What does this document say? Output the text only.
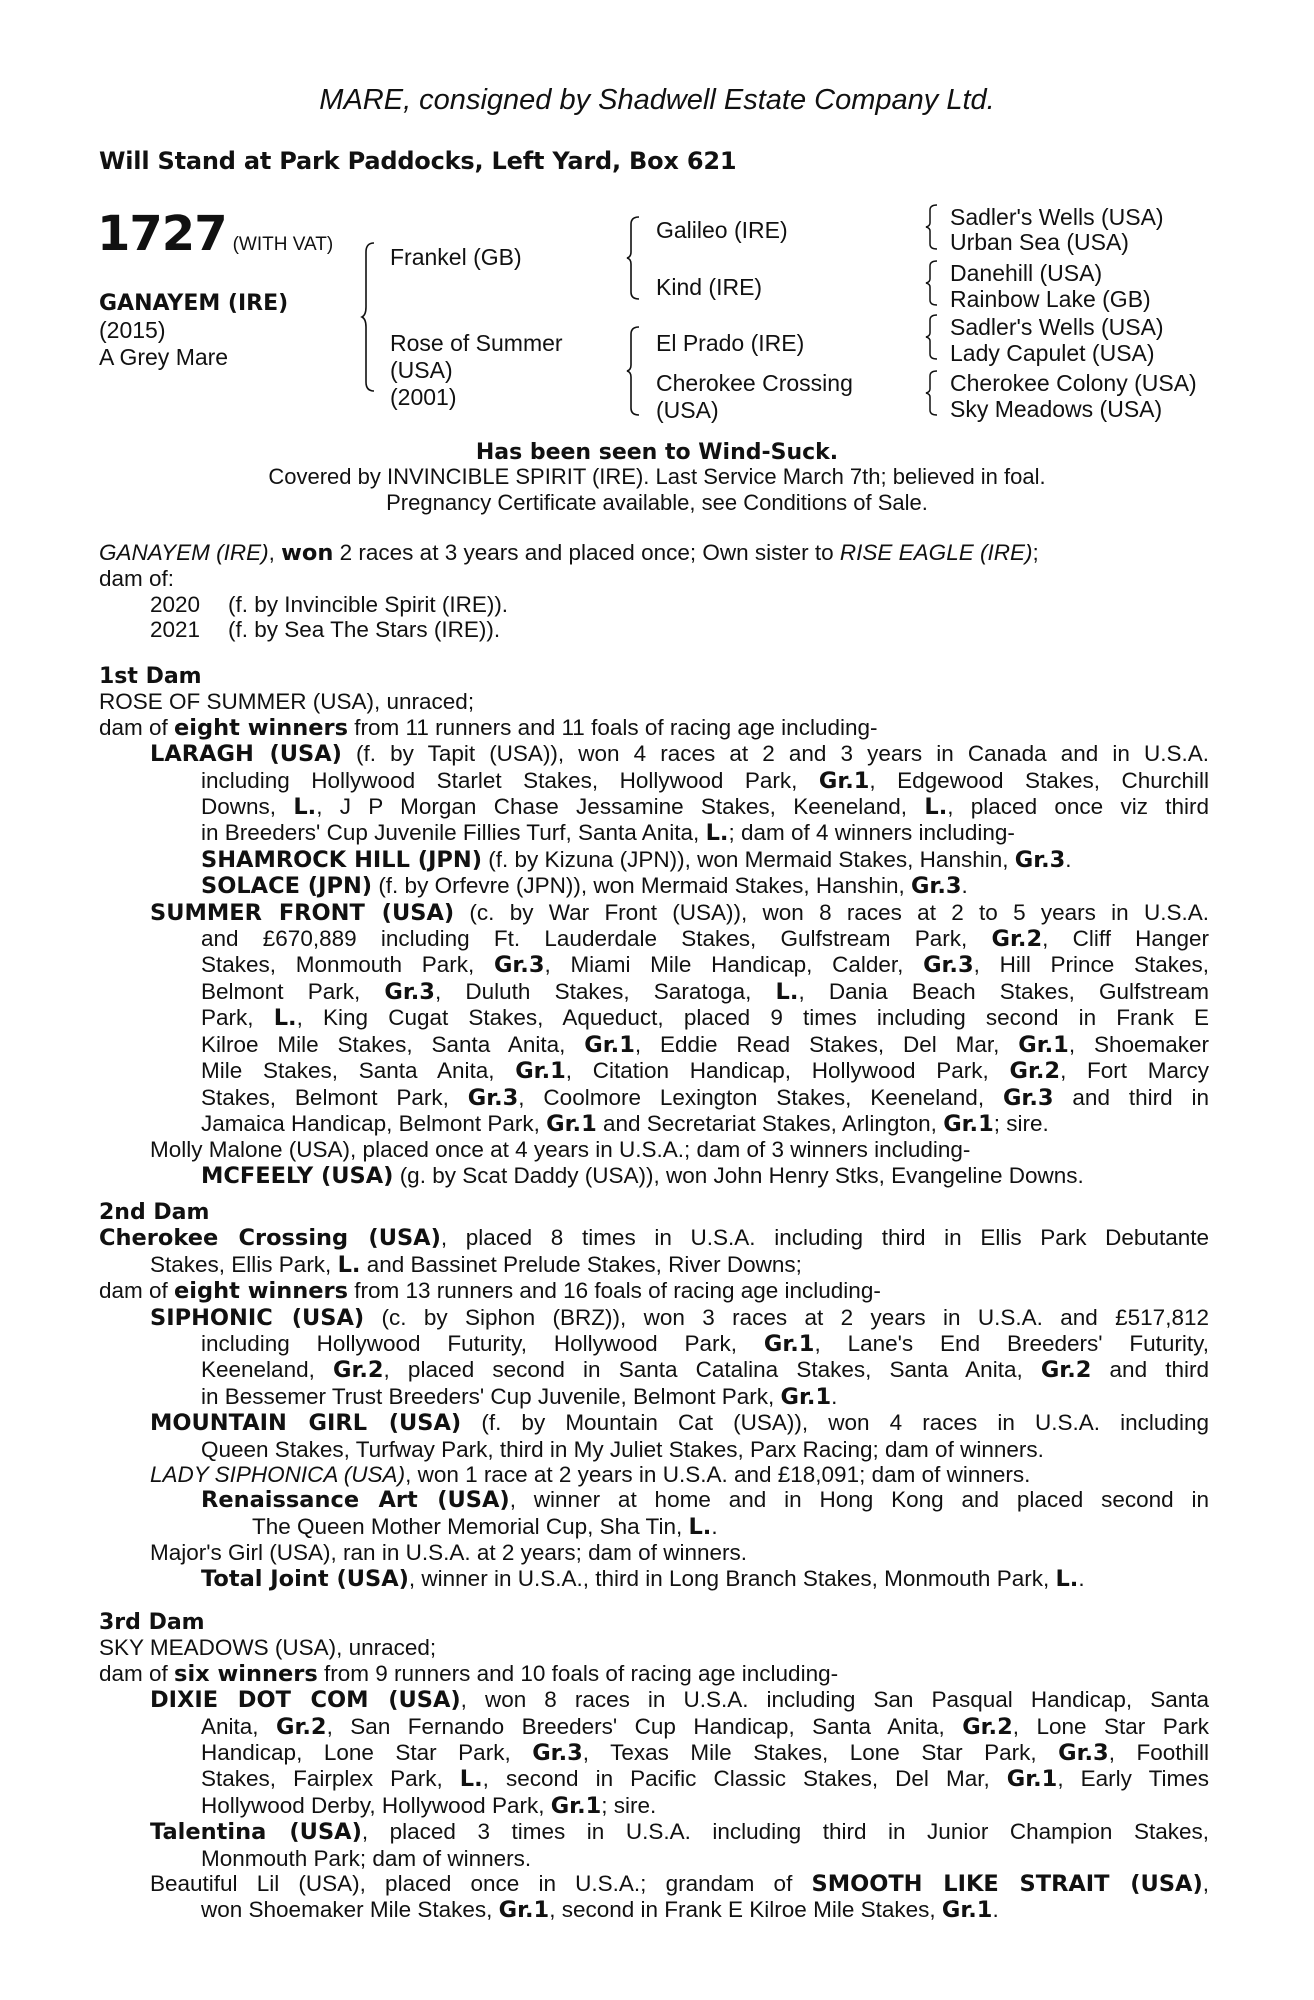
MARE, consigned by Shadwell Estate Company Ltd.
Will Stand at Park Paddocks, Left Yard, Box 621
1727 (WITH VAT)
GANAYEM (IRE)
(2015)
A Grey Mare
Frankel (GB)
Rose of Summer
(USA)
(2001)
Galileo (IRE)
Kind (IRE)
El Prado (IRE)
Cherokee Crossing
(USA)
Sadler's Wells (USA)
Urban Sea (USA)
Danehill (USA)
Rainbow Lake (GB)
Sadler's Wells (USA)
Lady Capulet (USA)
Cherokee Colony (USA)
Sky Meadows (USA)
Has been seen to Wind-Suck.
Covered by INVINCIBLE SPIRIT (IRE). Last Service March 7th; believed in foal.
Pregnancy Certificate available, see Conditions of Sale.
GANAYEM (IRE), won 2 races at 3 years and placed once; Own sister to RISE EAGLE (IRE);
dam of:
2020 (f. by Invincible Spirit (IRE)).
2021 (f. by Sea The Stars (IRE)).
1st Dam
ROSE OF SUMMER (USA), unraced;
dam of eight winners from 11 runners and 11 foals of racing age including-
LARAGH (USA) (f. by Tapit (USA)), won 4 races at 2 and 3 years in Canada and in U.S.A.
including Hollywood Starlet Stakes, Hollywood Park, Gr.1, Edgewood Stakes, Churchill
Downs, L., J P Morgan Chase Jessamine Stakes, Keeneland, L., placed once viz third
in Breeders' Cup Juvenile Fillies Turf, Santa Anita, L.; dam of 4 winners including-
SHAMROCK HILL (JPN) (f. by Kizuna (JPN)), won Mermaid Stakes, Hanshin, Gr.3.
SOLACE (JPN) (f. by Orfevre (JPN)), won Mermaid Stakes, Hanshin, Gr.3.
SUMMER FRONT (USA) (c. by War Front (USA)), won 8 races at 2 to 5 years in U.S.A.
and £670,889 including Ft. Lauderdale Stakes, Gulfstream Park, Gr.2, Cliff Hanger
Stakes, Monmouth Park, Gr.3, Miami Mile Handicap, Calder, Gr.3, Hill Prince Stakes,
Belmont Park, Gr.3, Duluth Stakes, Saratoga, L., Dania Beach Stakes, Gulfstream
Park, L., King Cugat Stakes, Aqueduct, placed 9 times including second in Frank E
Kilroe Mile Stakes, Santa Anita, Gr.1, Eddie Read Stakes, Del Mar, Gr.1, Shoemaker
Mile Stakes, Santa Anita, Gr.1, Citation Handicap, Hollywood Park, Gr.2, Fort Marcy
Stakes, Belmont Park, Gr.3, Coolmore Lexington Stakes, Keeneland, Gr.3 and third in
Jamaica Handicap, Belmont Park, Gr.1 and Secretariat Stakes, Arlington, Gr.1; sire.
Molly Malone (USA), placed once at 4 years in U.S.A.; dam of 3 winners including-
MCFEELY (USA) (g. by Scat Daddy (USA)), won John Henry Stks, Evangeline Downs.
2nd Dam
Cherokee Crossing (USA), placed 8 times in U.S.A. including third in Ellis Park Debutante
Stakes, Ellis Park, L. and Bassinet Prelude Stakes, River Downs;
dam of eight winners from 13 runners and 16 foals of racing age including-
SIPHONIC (USA) (c. by Siphon (BRZ)), won 3 races at 2 years in U.S.A. and £517,812
including Hollywood Futurity, Hollywood Park, Gr.1, Lane's End Breeders' Futurity,
Keeneland, Gr.2, placed second in Santa Catalina Stakes, Santa Anita, Gr.2 and third
in Bessemer Trust Breeders' Cup Juvenile, Belmont Park, Gr.1.
MOUNTAIN GIRL (USA) (f. by Mountain Cat (USA)), won 4 races in U.S.A. including
Queen Stakes, Turfway Park, third in My Juliet Stakes, Parx Racing; dam of winners.
LADY SIPHONICA (USA), won 1 race at 2 years in U.S.A. and £18,091; dam of winners.
Renaissance Art (USA), winner at home and in Hong Kong and placed second in
The Queen Mother Memorial Cup, Sha Tin, L..
Major's Girl (USA), ran in U.S.A. at 2 years; dam of winners.
Total Joint (USA), winner in U.S.A., third in Long Branch Stakes, Monmouth Park, L..
3rd Dam
SKY MEADOWS (USA), unraced;
dam of six winners from 9 runners and 10 foals of racing age including-
DIXIE DOT COM (USA), won 8 races in U.S.A. including San Pasqual Handicap, Santa
Anita, Gr.2, San Fernando Breeders' Cup Handicap, Santa Anita, Gr.2, Lone Star Park
Handicap, Lone Star Park, Gr.3, Texas Mile Stakes, Lone Star Park, Gr.3, Foothill
Stakes, Fairplex Park, L., second in Pacific Classic Stakes, Del Mar, Gr.1, Early Times
Hollywood Derby, Hollywood Park, Gr.1; sire.
Talentina (USA), placed 3 times in U.S.A. including third in Junior Champion Stakes,
Monmouth Park; dam of winners.
Beautiful Lil (USA), placed once in U.S.A.; grandam of SMOOTH LIKE STRAIT (USA),
won Shoemaker Mile Stakes, Gr.1, second in Frank E Kilroe Mile Stakes, Gr.1.
